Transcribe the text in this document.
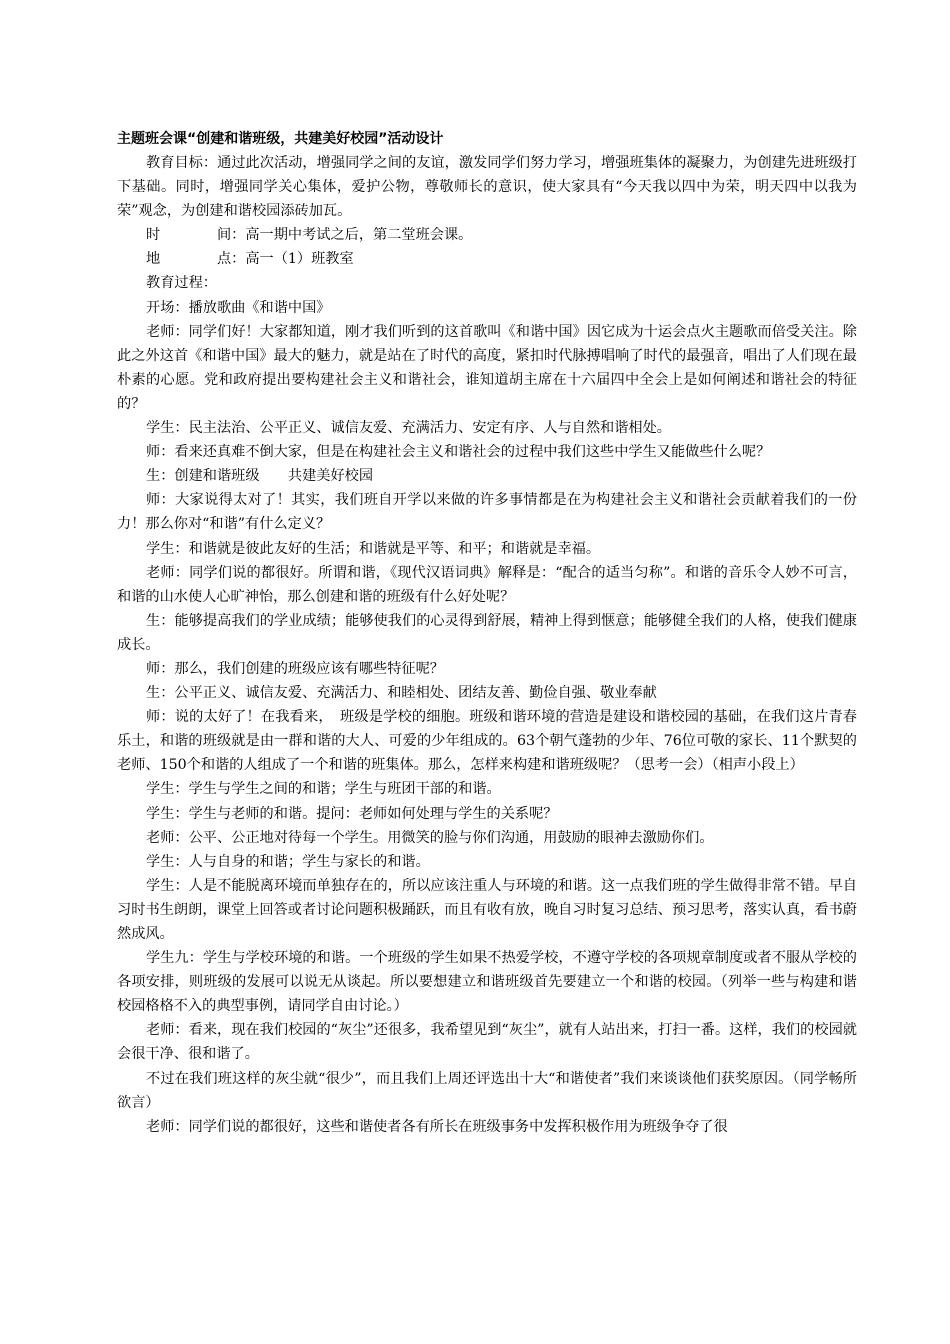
主题班会课“创建和谐班级，共建美好校园”活动设计

教育目标：通过此次活动，增强同学之间的友谊，激发同学们努力学习，增强班集体的凝聚力，为创建先进班级打下基础。同时，增强同学关心集体，爱护公物，尊敬师长的意识，使大家具有“今天我以四中为荣，明天四中以我为荣”观念，为创建和谐校园添砖加瓦。

时　　　　间：高一期中考试之后，第二堂班会课。

地　　　　点：高一（1）班教室

教育过程：

开场：播放歌曲《和谐中国》

老师：同学们好！大家都知道，刚才我们听到的这首歌叫《和谐中国》因它成为十运会点火主题歌而倍受关注。除此之外这首《和谐中国》最大的魅力，就是站在了时代的高度，紧扣时代脉搏唱响了时代的最强音，唱出了人们现在最朴素的心愿。党和政府提出要构建社会主义和谐社会，谁知道胡主席在十六届四中全会上是如何阐述和谐社会的特征的？

学生：民主法治、公平正义、诚信友爱、充满活力、安定有序、人与自然和谐相处。

师：看来还真难不倒大家，但是在构建社会主义和谐社会的过程中我们这些中学生又能做些什么呢？

生：创建和谐班级　　共建美好校园

师：大家说得太对了！其实，我们班自开学以来做的许多事情都是在为构建社会主义和谐社会贡献着我们的一份力！那么你对“和谐”有什么定义？

学生：和谐就是彼此友好的生活；和谐就是平等、和平；和谐就是幸福。

老师：同学们说的都很好。所谓和谐，《现代汉语词典》解释是：“配合的适当匀称”。和谐的音乐令人妙不可言，和谐的山水使人心旷神怡，那么创建和谐的班级有什么好处呢？

生：能够提高我们的学业成绩；能够使我们的心灵得到舒展，精神上得到惬意；能够健全我们的人格，使我们健康成长。

师：那么，我们创建的班级应该有哪些特征呢？

生：公平正义、诚信友爱、充满活力、和睦相处、团结友善、勤俭自强、敬业奉献

师：说的太好了！在我看来，　班级是学校的细胞。班级和谐环境的营造是建设和谐校园的基础，在我们这片青春乐土，和谐的班级就是由一群和谐的大人、可爱的少年组成的。63个朝气蓬勃的少年、76位可敬的家长、11个默契的老师、150个和谐的人组成了一个和谐的班集体。那么，怎样来构建和谐班级呢？（思考一会）（相声小段上）

学生：学生与学生之间的和谐；学生与班团干部的和谐。

学生：学生与老师的和谐。提问：老师如何处理与学生的关系呢？

老师：公平、公正地对待每一个学生。用微笑的脸与你们沟通，用鼓励的眼神去激励你们。

学生：人与自身的和谐；学生与家长的和谐。

学生：人是不能脱离环境而单独存在的，所以应该注重人与环境的和谐。这一点我们班的学生做得非常不错。早自习时书生朗朗，课堂上回答或者讨论问题积极踊跃，而且有收有放，晚自习时复习总结、预习思考，落实认真，看书蔚然成风。

学生九：学生与学校环境的和谐。一个班级的学生如果不热爱学校，不遵守学校的各项规章制度或者不服从学校的各项安排，则班级的发展可以说无从谈起。所以要想建立和谐班级首先要建立一个和谐的校园。（列举一些与构建和谐校园格格不入的典型事例，请同学自由讨论。）

老师：看来，现在我们校园的“灰尘”还很多，我希望见到“灰尘”，就有人站出来，打扫一番。这样，我们的校园就会很干净、很和谐了。

不过在我们班这样的灰尘就“很少”，而且我们上周还评选出十大“和谐使者”我们来谈谈他们获奖原因。（同学畅所欲言）

老师：同学们说的都很好，这些和谐使者各有所长在班级事务中发挥积极作用为班级争夺了很
